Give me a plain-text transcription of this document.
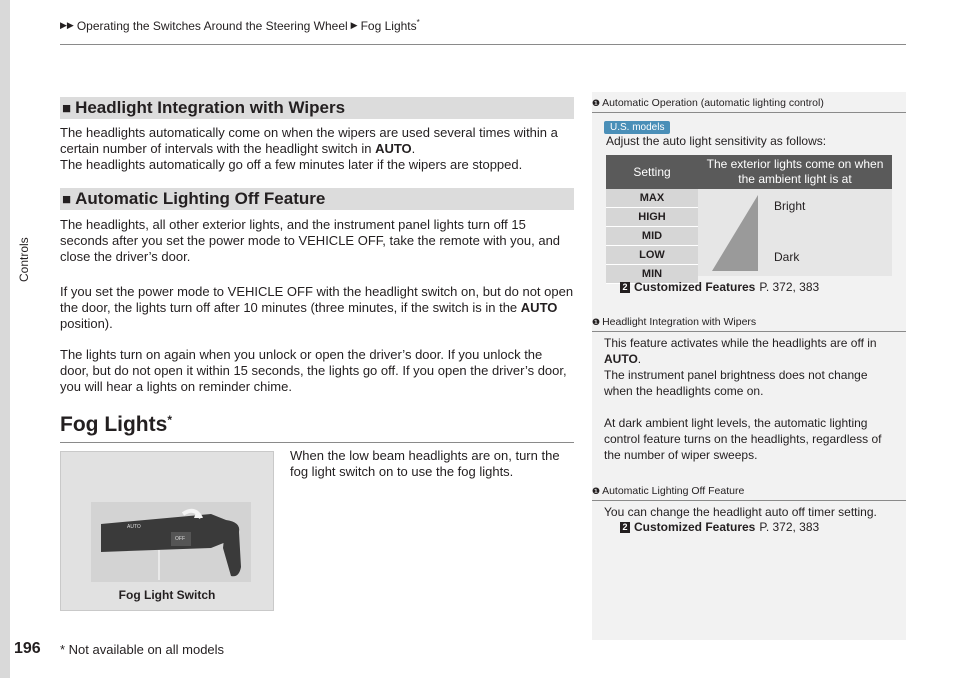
Controls
196
▶▶ Operating the Switches Around the Steering Wheel ▶ Fog Lights*
■ Headlight Integration with Wipers
The headlights automatically come on when the wipers are used several times within a certain number of intervals with the headlight switch in AUTO.
The headlights automatically go off a few minutes later if the wipers are stopped.
■ Automatic Lighting Off Feature
The headlights, all other exterior lights, and the instrument panel lights turn off 15 seconds after you set the power mode to VEHICLE OFF, take the remote with you, and close the driver’s door.
If you set the power mode to VEHICLE OFF with the headlight switch on, but do not open the door, the lights turn off after 10 minutes (three minutes, if the switch is in the AUTO position).
The lights turn on again when you unlock or open the driver’s door. If you unlock the door, but do not open it within 15 seconds, the lights go off. If you open the driver’s door, you will hear a lights on reminder chime.
Fog Lights*
When the low beam headlights are on, turn the fog light switch on to use the fog lights.
AUTO
OFF
Fog Light Switch
* Not available on all models
❶ Automatic Operation (automatic lighting control)
U.S. models
Adjust the auto light sensitivity as follows:
Setting	The exterior lights come on when the ambient light is at
MAX	
HIGH	
MID	
LOW	
MIN	
Bright
Dark
2 Customized Features P. 372, 383
❶ Headlight Integration with Wipers
This feature activates while the headlights are off in AUTO.
The instrument panel brightness does not change when the headlights come on.

At dark ambient light levels, the automatic lighting control feature turns on the headlights, regardless of the number of wiper sweeps.
❶ Automatic Lighting Off Feature
You can change the headlight auto off timer setting.
2 Customized Features P. 372, 383
